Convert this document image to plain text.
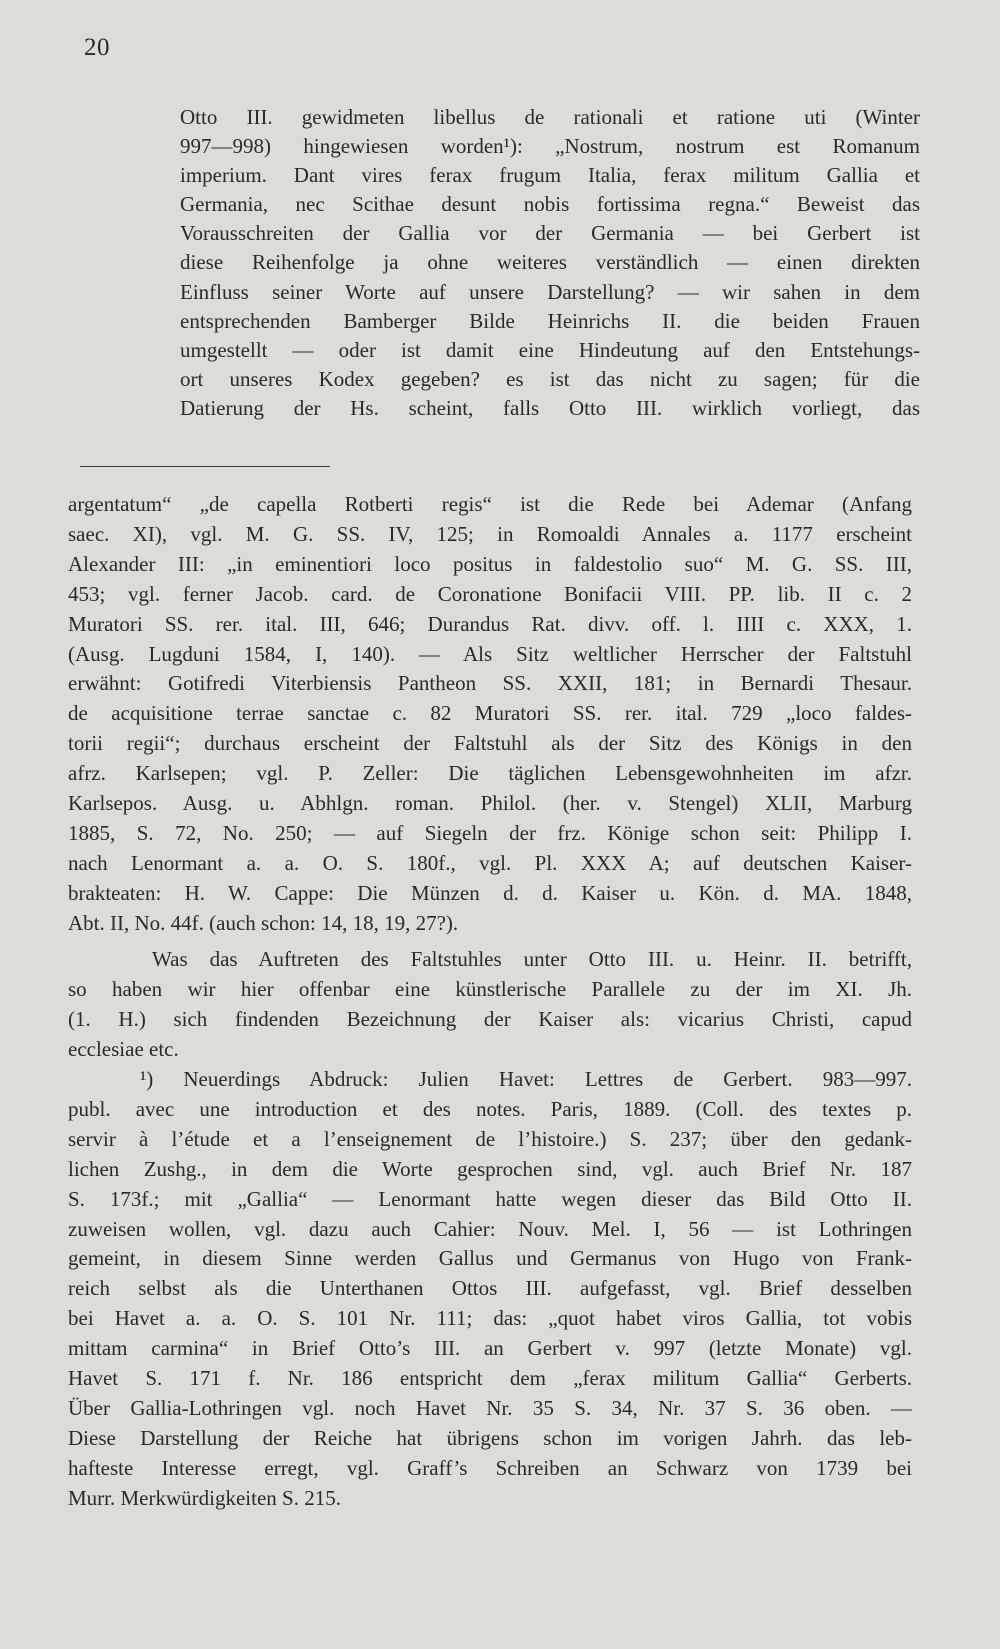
20
Otto III. gewidmeten libellus de rationali et ratione uti (Winter
997—998) hingewiesen worden¹): „Nostrum, nostrum est Romanum
imperium. Dant vires ferax frugum Italia, ferax militum Gallia et
Germania, nec Scithae desunt nobis fortissima regna.“ Beweist das
Vorausschreiten der Gallia vor der Germania — bei Gerbert ist
diese Reihenfolge ja ohne weiteres verständlich — einen direkten
Einfluss seiner Worte auf unsere Darstellung? — wir sahen in dem
entsprechenden Bamberger Bilde Heinrichs II. die beiden Frauen
umgestellt — oder ist damit eine Hindeutung auf den Entstehungs-
ort unseres Kodex gegeben? es ist das nicht zu sagen; für die
Datierung der Hs. scheint, falls Otto III. wirklich vorliegt, das
argentatum“ „de capella Rotberti regis“ ist die Rede bei Ademar (Anfang
saec. XI), vgl. M. G. SS. IV, 125; in Romoaldi Annales a. 1177 erscheint
Alexander III: „in eminentiori loco positus in faldestolio suo“ M. G. SS. III,
453; vgl. ferner Jacob. card. de Coronatione Bonifacii VIII. PP. lib. II c. 2
Muratori SS. rer. ital. III, 646; Durandus Rat. divv. off. l. IIII c. XXX, 1.
(Ausg. Lugduni 1584, I, 140). — Als Sitz weltlicher Herrscher der Faltstuhl
erwähnt: Gotifredi Viterbiensis Pantheon SS. XXII, 181; in Bernardi Thesaur.
de acquisitione terrae sanctae c. 82 Muratori SS. rer. ital. 729 „loco faldes-
torii regii“; durchaus erscheint der Faltstuhl als der Sitz des Königs in den
afrz. Karlsepen; vgl. P. Zeller: Die täglichen Lebensgewohnheiten im afzr.
Karlsepos. Ausg. u. Abhlgn. roman. Philol. (her. v. Stengel) XLII, Marburg
1885, S. 72, No. 250; — auf Siegeln der frz. Könige schon seit: Philipp I.
nach Lenormant a. a. O. S. 180f., vgl. Pl. XXX A; auf deutschen Kaiser-
brakteaten: H. W. Cappe: Die Münzen d. d. Kaiser u. Kön. d. MA. 1848,
Abt. II, No. 44f. (auch schon: 14, 18, 19, 27?).
Was das Auftreten des Faltstuhles unter Otto III. u. Heinr. II. betrifft,
so haben wir hier offenbar eine künstlerische Parallele zu der im XI. Jh.
(1. H.) sich findenden Bezeichnung der Kaiser als: vicarius Christi, capud
ecclesiae etc.
¹) Neuerdings Abdruck: Julien Havet: Lettres de Gerbert. 983—997.
publ. avec une introduction et des notes. Paris, 1889. (Coll. des textes p.
servir à l’étude et a l’enseignement de l’histoire.) S. 237; über den gedank-
lichen Zushg., in dem die Worte gesprochen sind, vgl. auch Brief Nr. 187
S. 173f.; mit „Gallia“ — Lenormant hatte wegen dieser das Bild Otto II.
zuweisen wollen, vgl. dazu auch Cahier: Nouv. Mel. I, 56 — ist Lothringen
gemeint, in diesem Sinne werden Gallus und Germanus von Hugo von Frank-
reich selbst als die Unterthanen Ottos III. aufgefasst, vgl. Brief desselben
bei Havet a. a. O. S. 101 Nr. 111; das: „quot habet viros Gallia, tot vobis
mittam carmina“ in Brief Otto’s III. an Gerbert v. 997 (letzte Monate) vgl.
Havet S. 171 f. Nr. 186 entspricht dem „ferax militum Gallia“ Gerberts.
Über Gallia-Lothringen vgl. noch Havet Nr. 35 S. 34, Nr. 37 S. 36 oben. —
Diese Darstellung der Reiche hat übrigens schon im vorigen Jahrh. das leb-
hafteste Interesse erregt, vgl. Graff’s Schreiben an Schwarz von 1739 bei
Murr. Merkwürdigkeiten S. 215.
